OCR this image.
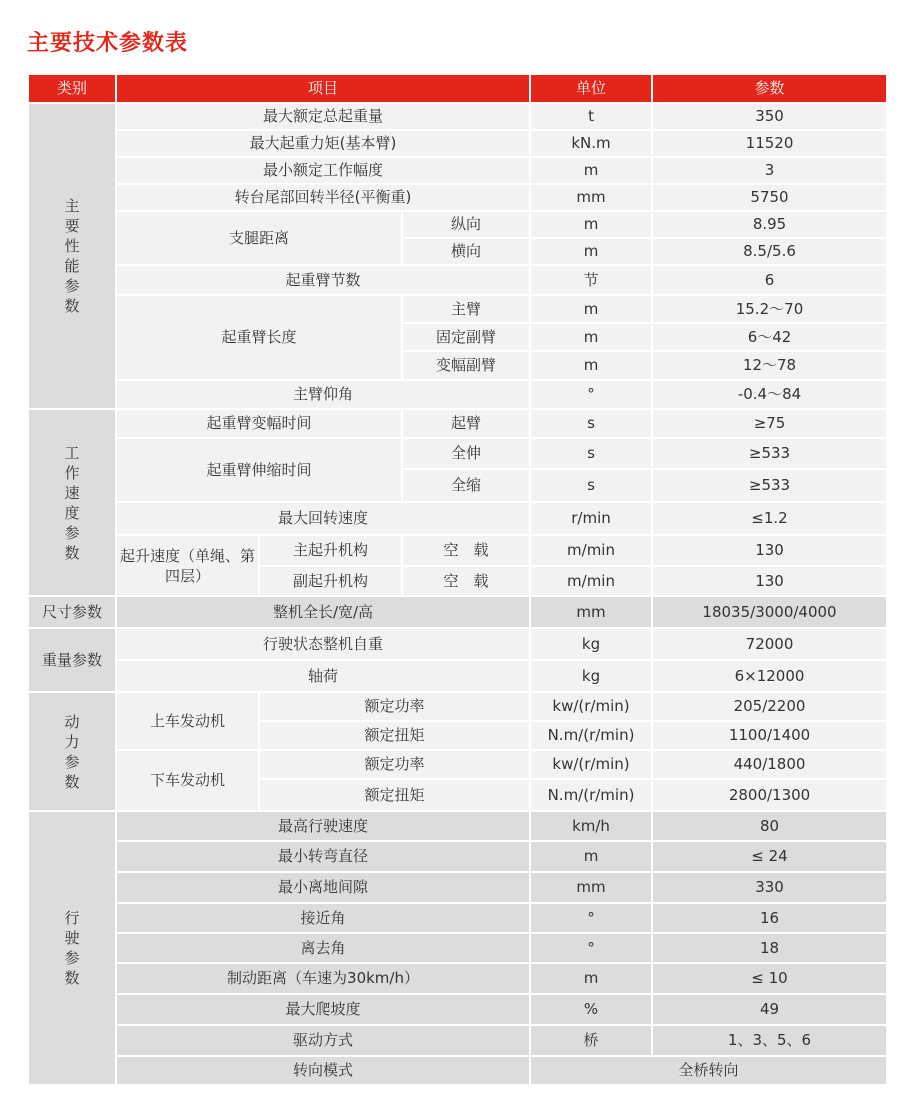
主要技术参数表
类别	项目			单位	参数

主要性能参数	最大额定总起重量			t	350
	最大起重力矩(基本臂)			kN.m	11520
	最小额定工作幅度			m	3
	转台尾部回转半径(平衡重)			mm	5750
	支腿距离		纵向	m	8.95
			横向	m	8.5/5.6
	起重臂节数			节	6
	起重臂长度		主臂	m	15.2～70
			固定副臂	m	6～42
			变幅副臂	m	12～78
	主臂仰角			°	-0.4～84

工作速度参数	起重臂变幅时间		起臂	s	≥75
	起重臂伸缩时间		全伸	s	≥533
			全缩	s	≥533
	最大回转速度			r/min	≤1.2
	起升速度（单绳、第四层）	主起升机构	空　载	m/min	130
		副起升机构	空　载	m/min	130
尺寸参数	整机全长/宽/高			mm	18035/3000/4000
重量参数	行驶状态整机自重			kg	72000
	轴荷			kg	6×12000

动力参数	上车发动机	额定功率		kw/(r/min)	205/2200
		额定扭矩		N.m/(r/min)	1100/1400
	下车发动机	额定功率		kw/(r/min)	440/1800
		额定扭矩		N.m/(r/min)	2800/1300

行驶参数	最高行驶速度			km/h	80
	最小转弯直径			m	≤ 24
	最小离地间隙			mm	330
	接近角			°	16
	离去角			°	18
	制动距离（车速为30km/h）			m	≤ 10
	最大爬坡度			%	49
	驱动方式			桥	1、3、5、6
	转向模式			全桥转向	
